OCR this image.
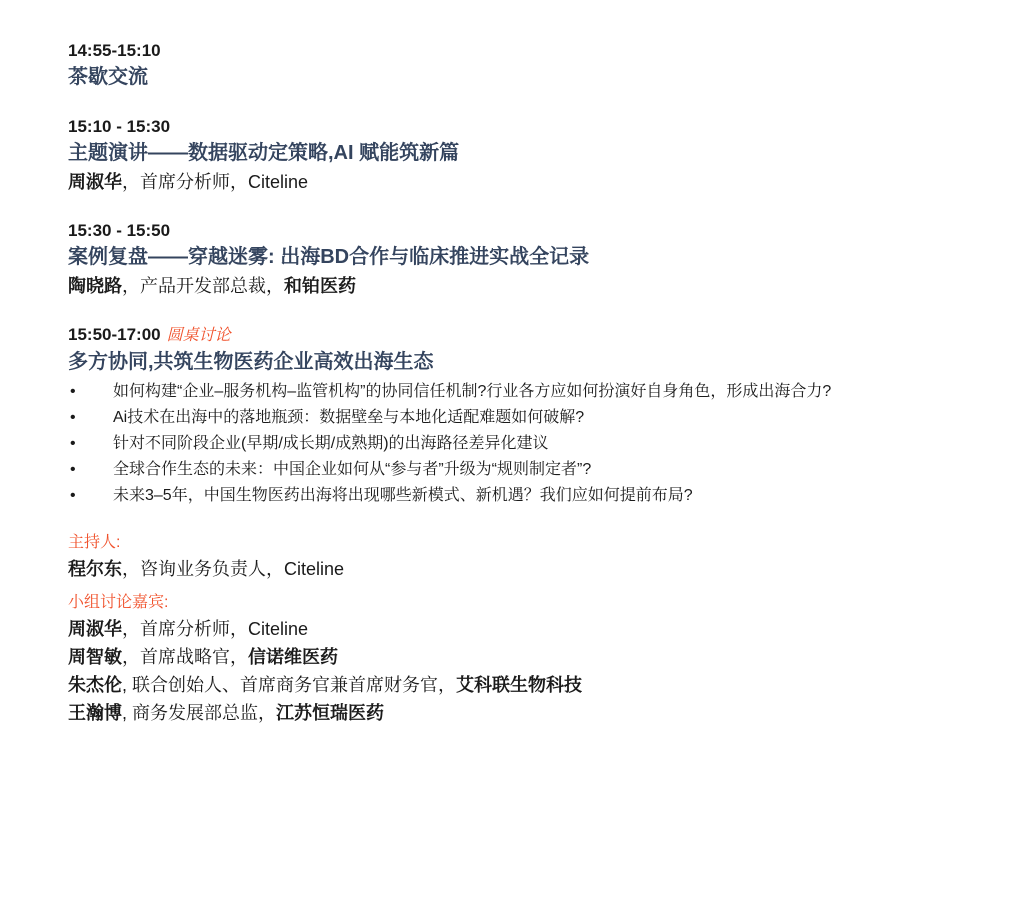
14:55-15:10
茶歇交流
15:10 - 15:30
主题演讲——数据驱动定策略,AI 赋能筑新篇
周淑华，首席分析师，Citeline
15:30 - 15:50
案例复盘——穿越迷雾: 出海BD合作与临床推进实战全记录
陶晓路，产品开发部总裁，和铂医药
15:50-17:00 圆桌讨论
多方协同,共筑生物医药企业高效出海生态
• 如何构建“企业–服务机构–监管机构”的协同信任机制?行业各方应如何扮演好自身角色，形成出海合力?
• Ai技术在出海中的落地瓶颈：数据壁垒与本地化适配难题如何破解?
• 针对不同阶段企业(早期/成长期/成熟期)的出海路径差异化建议
• 全球合作生态的未来：中国企业如何从“参与者”升级为“规则制定者”?
• 未来3–5年，中国生物医药出海将出现哪些新模式、新机遇？我们应如何提前布局?
主持人:
程尔东，咨询业务负责人，Citeline
小组讨论嘉宾:
周淑华，首席分析师，Citeline
周智敏，首席战略官，信诺维医药
朱杰伦, 联合创始人、首席商务官兼首席财务官，艾科联生物科技
王瀚博, 商务发展部总监，江苏恒瑞医药
